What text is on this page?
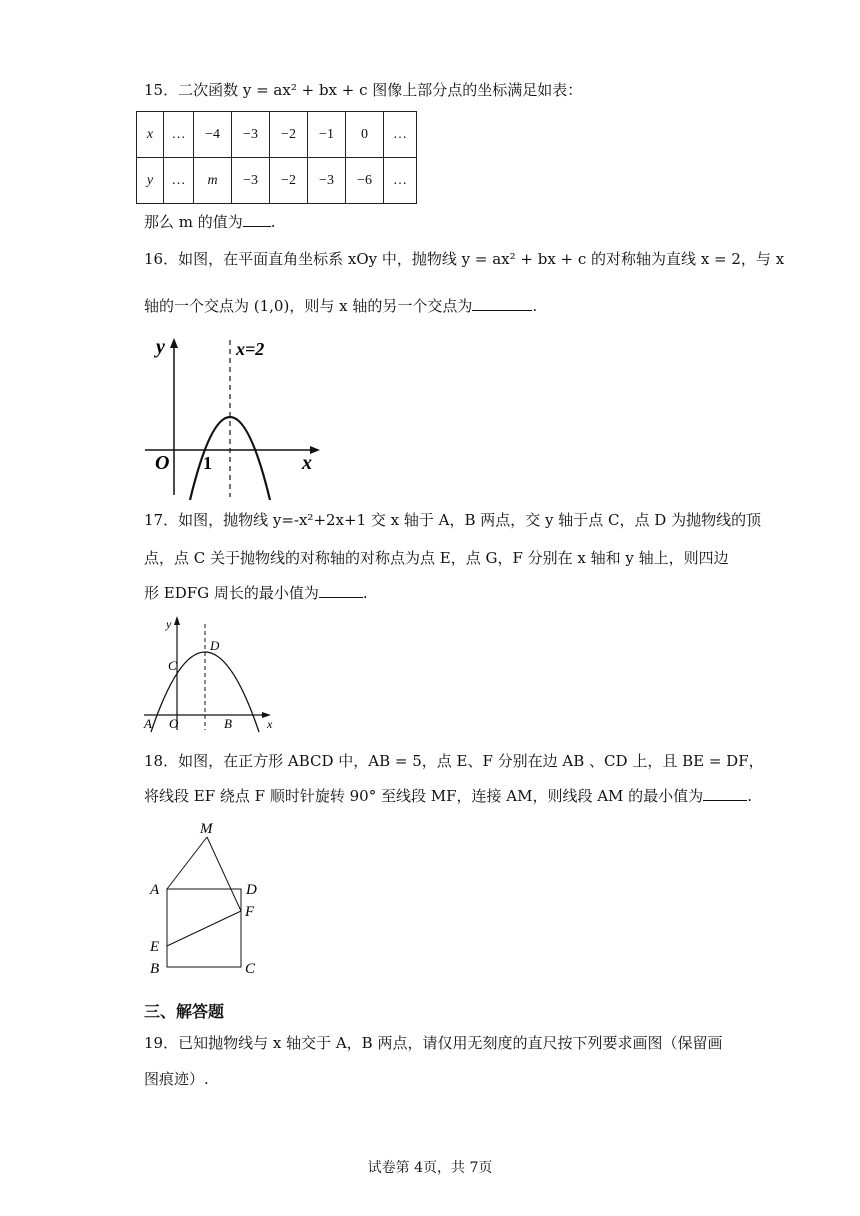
15．二次函数 y = ax² + bx + c 图像上部分点的坐标满足如表：
x	…	−4	−3	−2	−1	0	…
y	…	m	−3	−2	−3	−6	…
那么 m 的值为 .
16．如图，在平面直角坐标系 xOy 中，抛物线 y = ax² + bx + c 的对称轴为直线 x = 2，与 x
轴的一个交点为 (1,0)，则与 x 轴的另一个交点为	.
y
x
O 1
x=2
17．如图，抛物线 y=-x²+2x+1 交 x 轴于 A，B 两点，交 y 轴于点 C，点 D 为抛物线的顶
点，点 C 关于抛物线的对称轴的对称点为点 E，点 G，F 分别在 x 轴和 y 轴上，则四边
形 EDFG 周长的最小值为	.
y
x
A O	B
C
D
18．如图，在正方形 ABCD 中，AB = 5，点 E、F 分别在边 AB 、CD 上，且 BE = DF，
将线段 EF 绕点 F 顺时针旋转 90° 至线段 MF，连接 AM，则线段 AM 的最小值为	.
M
A	D
F
E
B	C
三、解答题
19．已知抛物线与 x 轴交于 A，B 两点，请仅用无刻度的直尺按下列要求画图（保留画
图痕迹）.
试卷第 4页，共 7页
